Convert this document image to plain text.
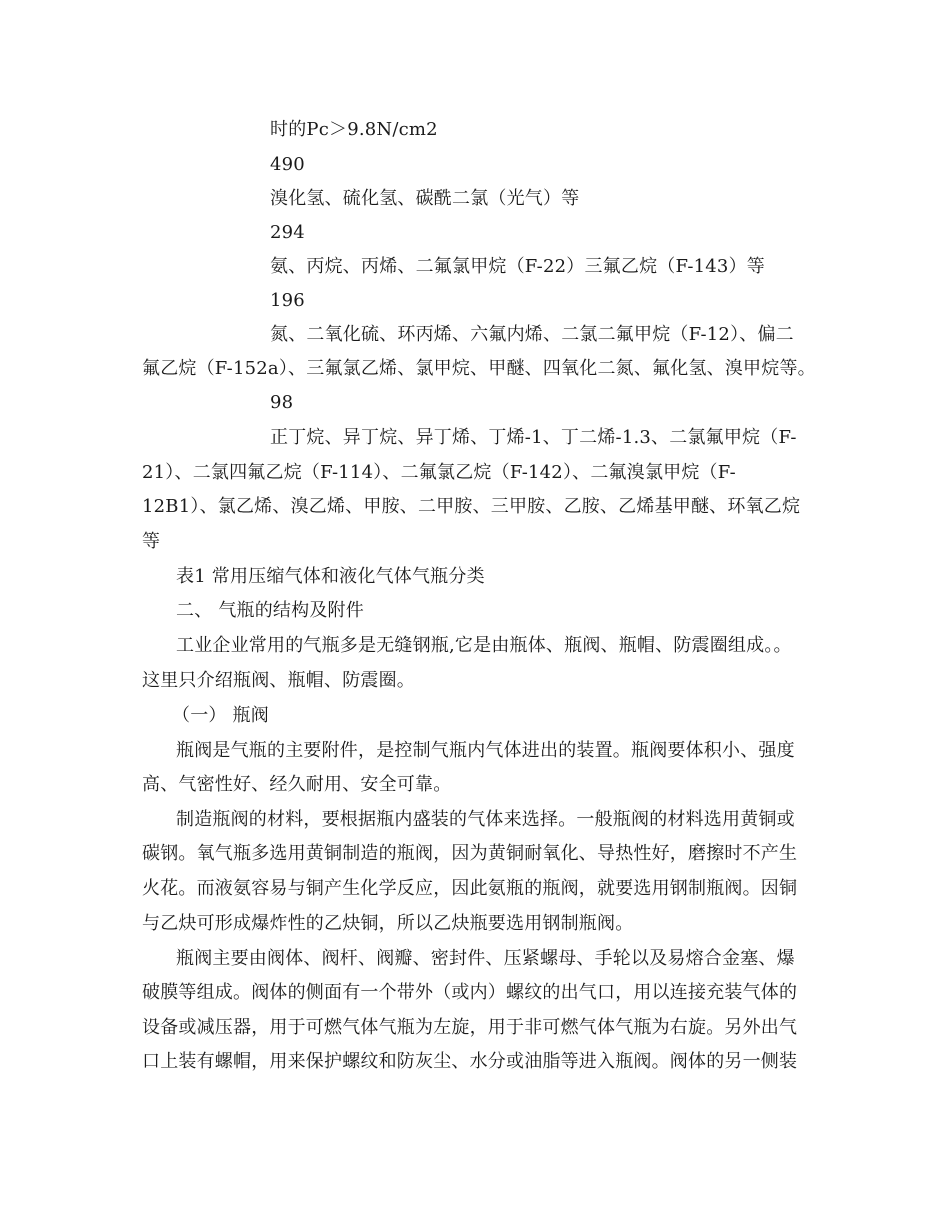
时的Pc＞9.8N/cm2
490
溴化氢、硫化氢、碳酰二氯（光气）等
294
氨、丙烷、丙烯、二氟氯甲烷（F-22）三氟乙烷（F-143）等
196
氮、二氧化硫、环丙烯、六氟内烯、二氯二氟甲烷（F-12）、偏二
氟乙烷（F-152a）、三氟氯乙烯、氯甲烷、甲醚、四氧化二氮、氟化氢、溴甲烷等。
98
正丁烷、异丁烷、异丁烯、丁烯-1、丁二烯-1.3、二氯氟甲烷（F-
21）、二氯四氟乙烷（F-114）、二氟氯乙烷（F-142）、二氟溴氯甲烷（F-
12B1）、氯乙烯、溴乙烯、甲胺、二甲胺、三甲胺、乙胺、乙烯基甲醚、环氧乙烷
等
表1 常用压缩气体和液化气体气瓶分类
二、 气瓶的结构及附件
工业企业常用的气瓶多是无缝钢瓶,它是由瓶体、瓶阀、瓶帽、防震圈组成。。
这里只介绍瓶阀、瓶帽、防震圈。
（一） 瓶阀
瓶阀是气瓶的主要附件，是控制气瓶内气体进出的装置。瓶阀要体积小、强度
高、气密性好、经久耐用、安全可靠。
制造瓶阀的材料，要根据瓶内盛装的气体来选择。一般瓶阀的材料选用黄铜或
碳钢。氧气瓶多选用黄铜制造的瓶阀，因为黄铜耐氧化、导热性好，磨擦时不产生
火花。而液氨容易与铜产生化学反应，因此氨瓶的瓶阀，就要选用钢制瓶阀。因铜
与乙炔可形成爆炸性的乙炔铜，所以乙炔瓶要选用钢制瓶阀。
瓶阀主要由阀体、阀杆、阀瓣、密封件、压紧螺母、手轮以及易熔合金塞、爆
破膜等组成。阀体的侧面有一个带外（或内）螺纹的出气口，用以连接充装气体的
设备或减压器，用于可燃气体气瓶为左旋，用于非可燃气体气瓶为右旋。另外出气
口上装有螺帽，用来保护螺纹和防灰尘、水分或油脂等进入瓶阀。阀体的另一侧装
